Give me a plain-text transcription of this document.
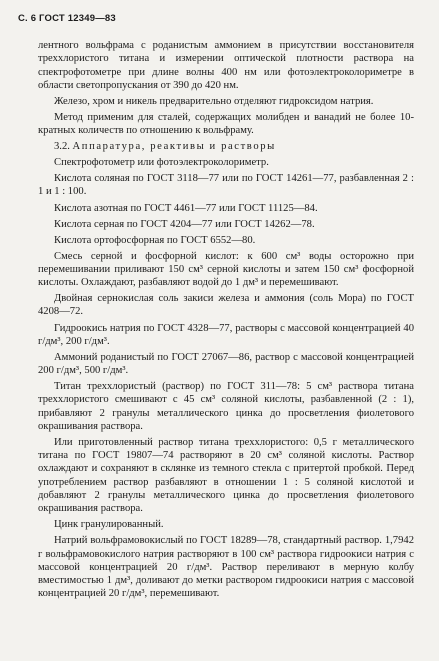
С. 6 ГОСТ 12349—83

лентного вольфрама с роданистым аммонием в присутствии восстановителя треххлористого титана и измерении оптической плотности раствора на спектрофотометре при длине волны 400 нм или фотоэлектроколориметре в области светопропускания от 390 до 420 нм.

Железо, хром и никель предварительно отделяют гидроксидом натрия.

Метод применим для сталей, содержащих молибден и ванадий не более 10-кратных количеств по отношению к вольфраму.

3.2. Аппаратура, реактивы и растворы

Спектрофотометр или фотоэлектроколориметр.

Кислота соляная по ГОСТ 3118—77 или по ГОСТ 14261—77, разбавленная 2 : 1 и 1 : 100.

Кислота азотная по ГОСТ 4461—77 или ГОСТ 11125—84.

Кислота серная по ГОСТ 4204—77 или ГОСТ 14262—78.

Кислота ортофосфорная по ГОСТ 6552—80.

Смесь серной и фосфорной кислот: к 600 см³ воды осторожно при перемешивании приливают 150 см³ серной кислоты и затем 150 см³ фосфорной кислоты. Охлаждают, разбавляют водой до 1 дм³ и перемешивают.

Двойная сернокислая соль закиси железа и аммония (соль Мора) по ГОСТ 4208—72.

Гидроокись натрия по ГОСТ 4328—77, растворы с массовой концентрацией 40 г/дм³, 200 г/дм³.

Аммоний роданистый по ГОСТ 27067—86, раствор с массовой концентрацией 200 г/дм³, 500 г/дм³.

Титан треххлористый (раствор) по ГОСТ 311—78: 5 см³ раствора титана треххлористого смешивают с 45 см³ соляной кислоты, разбавленной (2 : 1), прибавляют 2 гранулы металлического цинка до просветления фиолетового окрашивания раствора.

Или приготовленный раствор титана треххлористого: 0,5 г металлического титана по ГОСТ 19807—74 растворяют в 20 см³ соляной кислоты. Раствор охлаждают и сохраняют в склянке из темного стекла с притертой пробкой. Перед употреблением раствор разбавляют в отношении 1 : 5 соляной кислотой и добавляют 2 гранулы металлического цинка до просветления фиолетового окрашивания раствора.

Цинк гранулированный.

Натрий вольфрамовокислый по ГОСТ 18289—78, стандартный раствор. 1,7942 г вольфрамовокислого натрия растворяют в 100 см³ раствора гидроокиси натрия с массовой концентрацией 20 г/дм³. Раствор переливают в мерную колбу вместимостью 1 дм³, доливают до метки раствором гидроокиси натрия с массовой концентрацией 20 г/дм³, перемешивают.
